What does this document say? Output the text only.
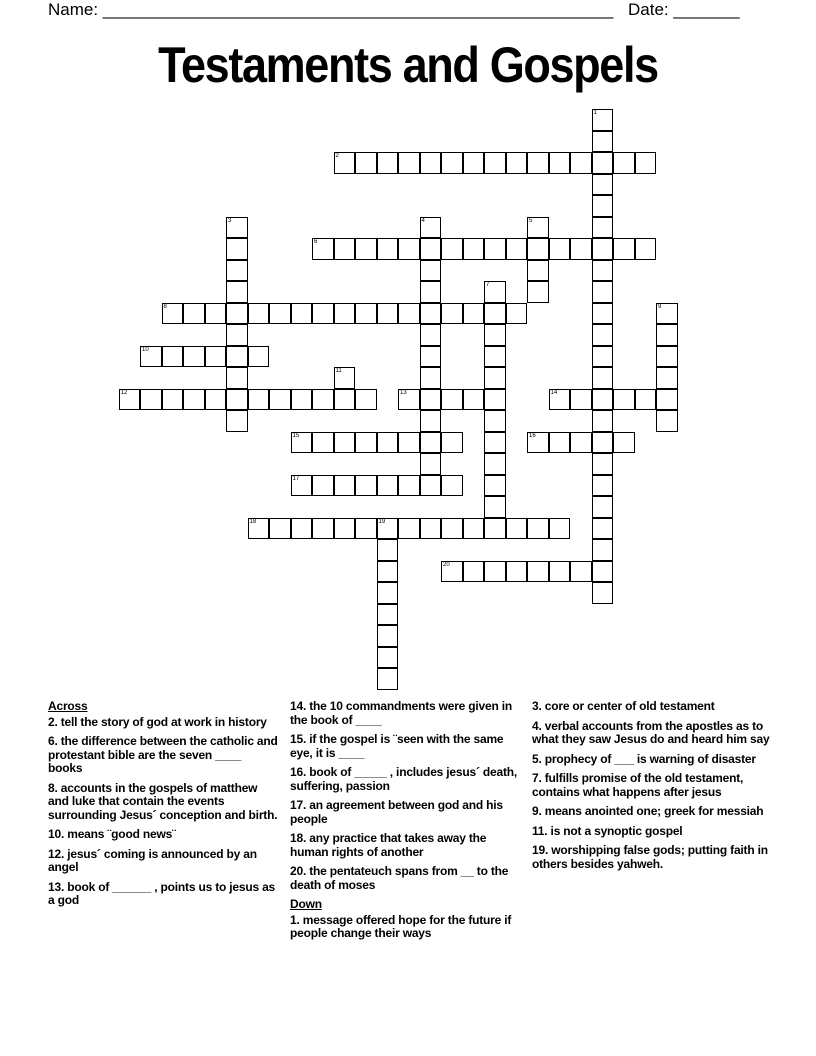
Name: ______________________________________________________ Date: _______
Testaments and Gospels
1
2
3	4	5
6
7
8	9
10
11
12	13	14
15	16
17
18	19
20
Across
2. tell the story of god at work in history
6. the difference between the catholic and protestant bible are the seven ____ books
8. accounts in the gospels of matthew and luke that contain the events surrounding Jesus´ conception and birth.
10. means ¨good news¨
12. jesus´ coming is announced by an angel
13. book of ______ , points us to jesus as a god
14. the 10 commandments were given in the book of ____
15. if the gospel is ¨seen with the same eye, it is ____
16. book of _____ , includes jesus´ death, suffering, passion
17. an agreement between god and his people
18. any practice that takes away the human rights of another
20. the pentateuch spans from __ to the death of moses
Down
1. message offered hope for the future if people change their ways
3. core or center of old testament
4. verbal accounts from the apostles as to what they saw Jesus do and heard him say
5. prophecy of ___ is warning of disaster
7. fulfills promise of the old testament, contains what happens after jesus
9. means anointed one; greek for messiah
11. is not a synoptic gospel
19. worshipping false gods; putting faith in others besides yahweh.
